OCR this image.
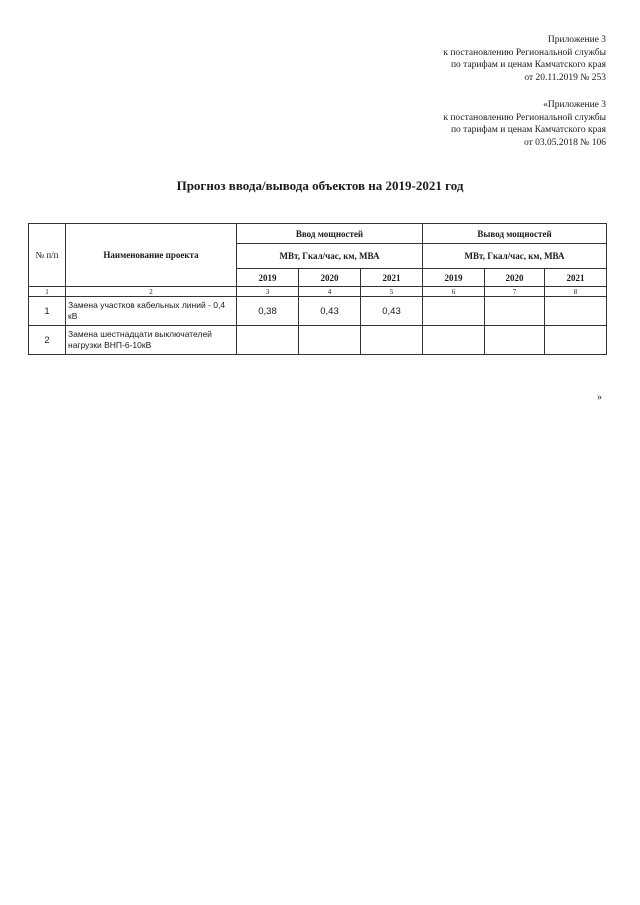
Приложение 3
к постановлению Региональной службы
по тарифам и ценам Камчатского края
от 20.11.2019 № 253
«Приложение 3
к постановлению Региональной службы
по тарифам и ценам Камчатского края
от 03.05.2018 № 106
Прогноз ввода/вывода объектов на 2019-2021 год
№ п/п	Наименование проекта	Ввод мощностей			Вывод мощностей		
		МВт, Гкал/час, км, МВА			МВт, Гкал/час, км, МВА		
		2019	2020	2021	2019	2020	2021
1	2	3	4	5	6	7	8
1	Замена участков кабельных линий - 0,4 кВ	0,38	0,43	0,43			
2	Замена шестнадцати выключателей нагрузки ВНП-6-10кВ						
»
